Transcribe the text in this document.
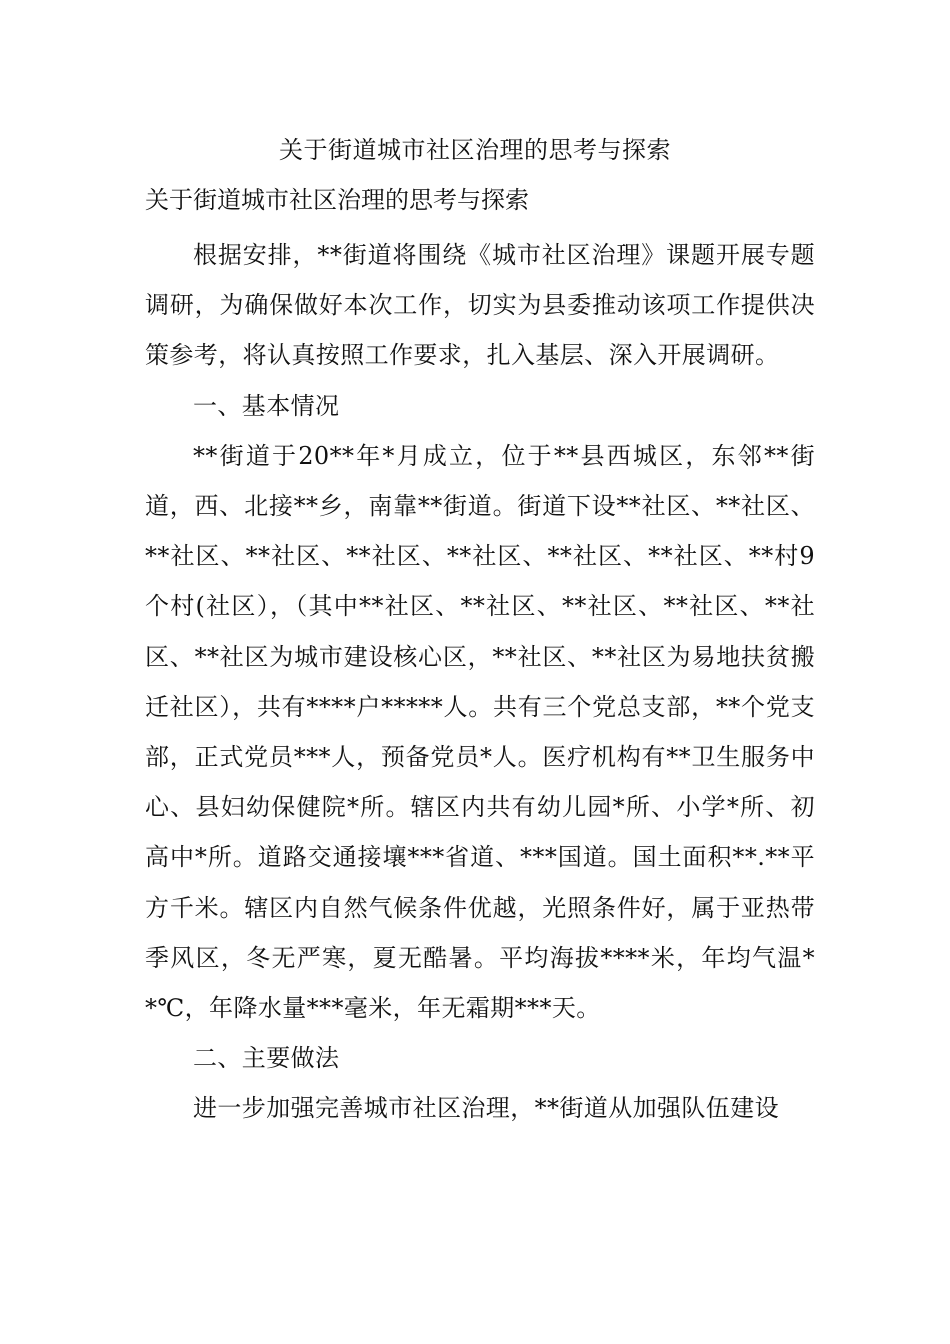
关于街道城市社区治理的思考与探索
关于街道城市社区治理的思考与探索

根据安排，**街道将围绕《城市社区治理》课题开展专题调研，为确保做好本次工作，切实为县委推动该项工作提供决策参考，将认真按照工作要求，扎入基层、深入开展调研。

一、基本情况

**街道于20**年*月成立，位于**县西城区，东邻**街道，西、北接**乡，南靠**街道。街道下设**社区、**社区、**社区、**社区、**社区、**社区、**社区、**社区、**村9个村(社区），（其中**社区、**社区、**社区、**社区、**社区、**社区为城市建设核心区，**社区、**社区为易地扶贫搬迁社区），共有****户*****人。共有三个党总支部，**个党支部，正式党员***人，预备党员*人。医疗机构有**卫生服务中心、县妇幼保健院*所。辖区内共有幼儿园*所、小学*所、初高中*所。道路交通接壤***省道、***国道。国土面积**.**平方千米。辖区内自然气候条件优越，光照条件好，属于亚热带季风区，冬无严寒，夏无酷暑。平均海拔****米，年均气温**℃，年降水量***毫米，年无霜期***天。

二、主要做法

进一步加强完善城市社区治理，**街道从加强队伍建设
